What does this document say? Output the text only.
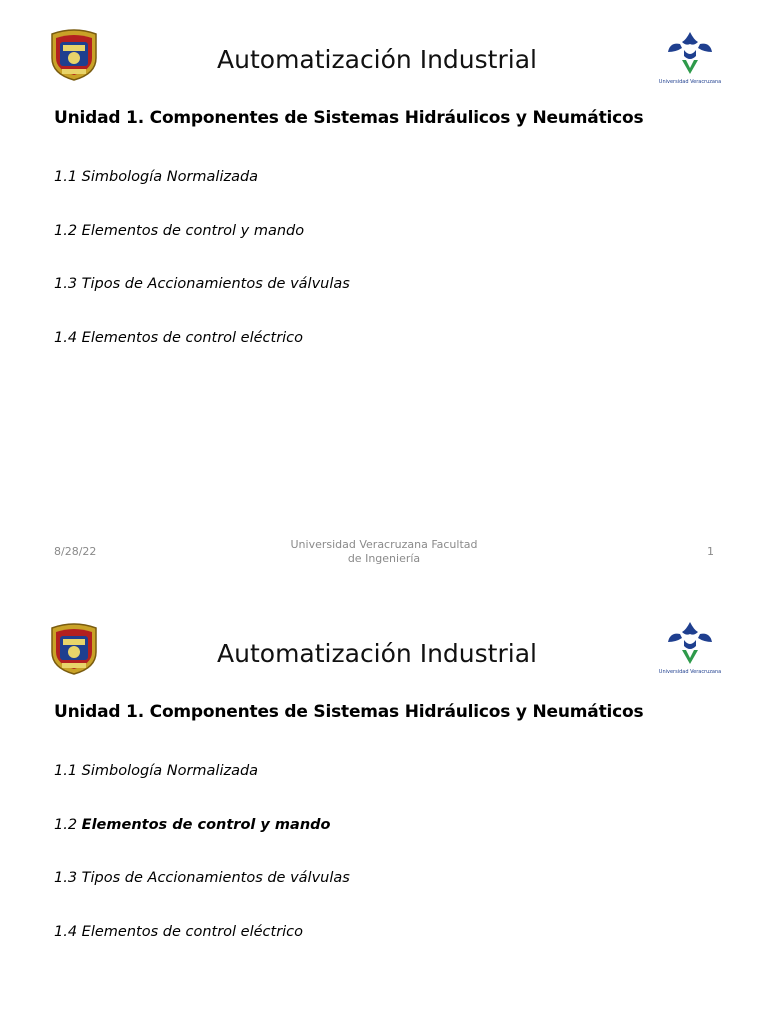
Automatización Industrial
Universidad Veracruzana
Unidad 1. Componentes de Sistemas Hidráulicos y Neumáticos
1.1 Simbología Normalizada
1.2 Elementos de control y mando
1.3 Tipos de Accionamientos de válvulas
1.4 Elementos de control eléctrico
8/28/22
Universidad Veracruzana Facultad de Ingeniería
1
Automatización Industrial
Universidad Veracruzana
Unidad 1. Componentes de Sistemas Hidráulicos y Neumáticos
1.1 Simbología Normalizada
1.2 Elementos de control y mando
1.3 Tipos de Accionamientos de válvulas
1.4 Elementos de control eléctrico
